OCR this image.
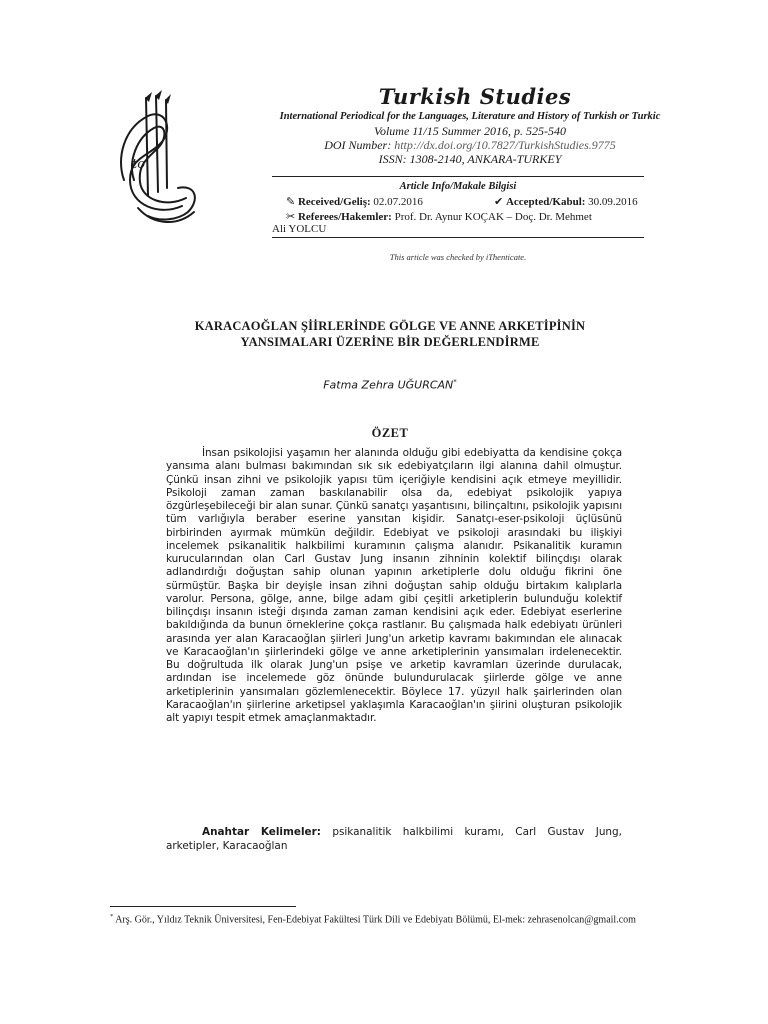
to
Turkish Studies
International Periodical for the Languages, Literature and History of Turkish or Turkic
Volume 11/15 Summer 2016, p. 525-540
DOI Number: http://dx.doi.org/10.7827/TurkishStudies.9775
ISSN: 1308-2140, ANKARA-TURKEY
Article Info/Makale Bilgisi
✎ Received/Geliş: 02.07.2016	✔ Accepted/Kabul: 30.09.2016
✂ Referees/Hakemler: Prof. Dr. Aynur KOÇAK – Doç. Dr. Mehmet
Ali YOLCU
This article was checked by iThenticate.
KARACAOĞLAN ŞİİRLERİNDE GÖLGE VE ANNE ARKETİPİNİN
YANSIMALARI ÜZERİNE BİR DEĞERLENDİRME
Fatma Zehra UĞURCAN*
ÖZET
İnsan psikolojisi yaşamın her alanında olduğu gibi edebiyatta da kendisine çokça yansıma alanı bulması bakımından sık sık edebiyatçıların ilgi alanına dahil olmuştur. Çünkü insan zihni ve psikolojik yapısı tüm içeriğiyle kendisini açık etmeye meyillidir. Psikoloji zaman zaman baskılanabilir olsa da, edebiyat psikolojik yapıya özgürleşebileceği bir alan sunar. Çünkü sanatçı yaşantısını, bilinçaltını, psikolojik yapısını tüm varlığıyla beraber eserine yansıtan kişidir. Sanatçı-eser-psikoloji üçlüsünü birbirinden ayırmak mümkün değildir. Edebiyat ve psikoloji arasındaki bu ilişkiyi incelemek psikanalitik halkbilimi kuramının çalışma alanıdır. Psikanalitik kuramın kurucularından olan Carl Gustav Jung insanın zihninin kolektif bilinçdışı olarak adlandırdığı doğuştan sahip olunan yapının arketiplerle dolu olduğu fikrini öne sürmüştür. Başka bir deyişle insan zihni doğuştan sahip olduğu birtakım kalıplarla varolur. Persona, gölge, anne, bilge adam gibi çeşitli arketiplerin bulunduğu kolektif bilinçdışı insanın isteği dışında zaman zaman kendisini açık eder. Edebiyat eserlerine bakıldığında da bunun örneklerine çokça rastlanır. Bu çalışmada halk edebiyatı ürünleri arasında yer alan Karacaoğlan şiirleri Jung'un arketip kavramı bakımından ele alınacak ve Karacaoğlan'ın şiirlerindeki gölge ve anne arketiplerinin yansımaları irdelenecektir. Bu doğrultuda ilk olarak Jung'un psişe ve arketip kavramları üzerinde durulacak, ardından ise incelemede göz önünde bulundurulacak şiirlerde gölge ve anne arketiplerinin yansımaları gözlemlenecektir. Böylece 17. yüzyıl halk şairlerinden olan Karacaoğlan'ın şiirlerine arketipsel yaklaşımla Karacaoğlan'ın şiirini oluşturan psikolojik alt yapıyı tespit etmek amaçlanmaktadır.
Anahtar Kelimeler: psikanalitik halkbilimi kuramı, Carl Gustav Jung, arketipler, Karacaoğlan
* Arş. Gör., Yıldız Teknik Üniversitesi, Fen-Edebiyat Fakültesi Türk Dili ve Edebiyatı Bölümü, El-mek: zehrasenolcan@gmail.com
